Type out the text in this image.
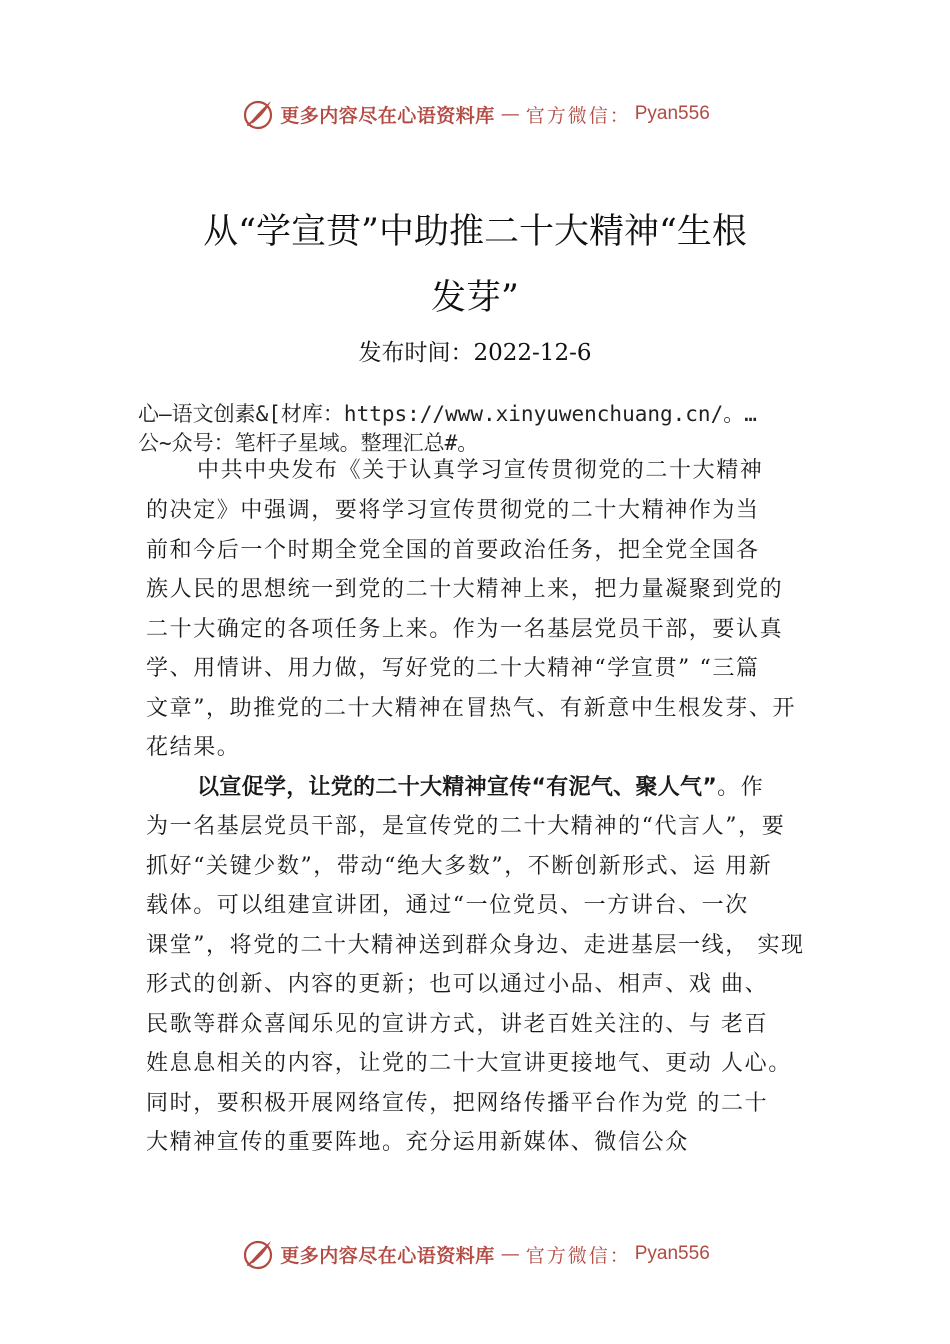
更多内容尽在心语资料库 — 官方微信： Pyan556
从“学宣贯”中助推二十大精神“生根
发芽”
发布时间：2022-12-6
心—语文创素&[材库：https://www.xinyuwenchuang.cn/。…
公~众号：笔杆子星域。整理汇总#。
中共中央发布《关于认真学习宣传贯彻党的二十大精神
的决定》中强调，要将学习宣传贯彻党的二十大精神作为当
前和今后一个时期全党全国的首要政治任务，把全党全国各
族人民的思想统一到党的二十大精神上来，把力量凝聚到党的
二十大确定的各项任务上来。作为一名基层党员干部，要认真
学、用情讲、用力做，写好党的二十大精神“学宣贯” “三篇
文章”，助推党的二十大精神在冒热气、有新意中生根发芽、开
花结果。
以宣促学，让党的二十大精神宣传“有泥气、聚人气”。作
为一名基层党员干部，是宣传党的二十大精神的“代言人”，要
抓好“关键少数”，带动“绝大多数”，不断创新形式、运 用新
载体。可以组建宣讲团，通过“一位党员、一方讲台、一次
课堂”，将党的二十大精神送到群众身边、走进基层一线， 实现
形式的创新、内容的更新；也可以通过小品、相声、戏 曲、
民歌等群众喜闻乐见的宣讲方式，讲老百姓关注的、与 老百
姓息息相关的内容，让党的二十大宣讲更接地气、更动 人心。
同时，要积极开展网络宣传，把网络传播平台作为党 的二十
大精神宣传的重要阵地。充分运用新媒体、微信公众
更多内容尽在心语资料库 — 官方微信： Pyan556
